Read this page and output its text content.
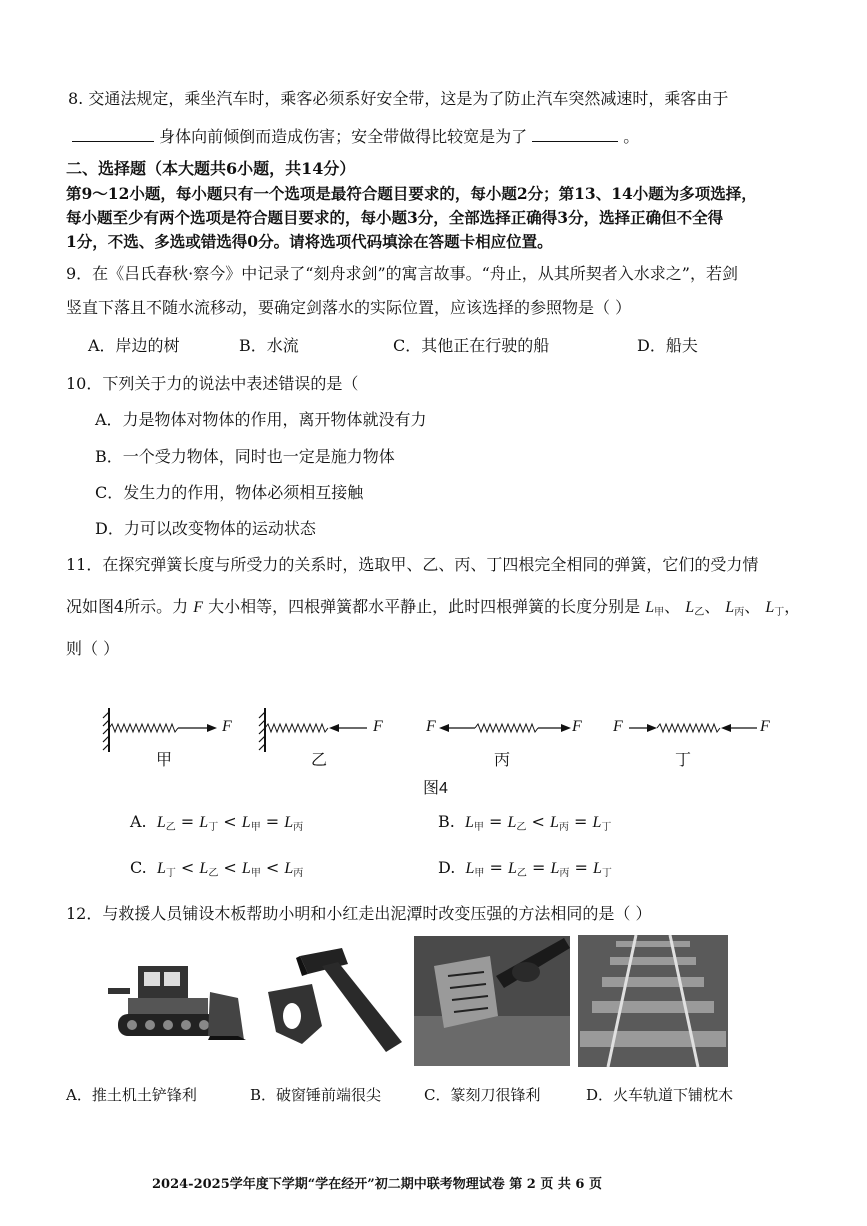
8. 交通法规定，乘坐汽车时，乘客必须系好安全带，这是为了防止汽车突然减速时，乘客由于
身体向前倾倒而造成伤害；安全带做得比较宽是为了	。
二、选择题（本大题共6小题，共14分）
第9～12小题，每小题只有一个选项是最符合题目要求的，每小题2分；第13、14小题为多项选择，
每小题至少有两个选项是符合题目要求的，每小题3分，全部选择正确得3分，选择正确但不全得
1分，不选、多选或错选得0分。请将选项代码填涂在答题卡相应位置。
9．在《吕氏春秋·察今》中记录了“刻舟求剑”的寓言故事。“舟止，从其所契者入水求之”，若剑
竖直下落且不随水流移动，要确定剑落水的实际位置，应该选择的参照物是（ ）
A．岸边的树	B．水流	C．其他正在行驶的船	D．船夫
10．下列关于力的说法中表述错误的是（
A．力是物体对物体的作用，离开物体就没有力
B．一个受力物体，同时也一定是施力物体
C．发生力的作用，物体必须相互接触
D．力可以改变物体的运动状态
11．在探究弹簧长度与所受力的关系时，选取甲、乙、丙、丁四根完全相同的弹簧，它们的受力情
况如图4所示。力 F 大小相等，四根弹簧都水平静止，此时四根弹簧的长度分别是 $L_甲$、 $L_乙$、 $L_丙$、 $L_丁$，
则（ ）
F	F	F	F F	F
甲	乙	丙	丁
图4
A. $L_乙 = L_丁 < L_甲 = L_丙$	B. $L_甲 = L_乙 < L_丙 = L_丁$
C. $L_丁 < L_乙 < L_甲 < L_丙$	D. $L_甲 = L_乙 = L_丙 = L_丁$
12．与救援人员铺设木板帮助小明和小红走出泥潭时改变压强的方法相同的是（ ）
A．推土机土铲锋利	B．破窗锤前端很尖	C．篆刻刀很锋利	D．火车轨道下铺枕木
2024-2025学年度下学期“学在经开”初二期中联考物理试卷 第 2 页 共 6 页
